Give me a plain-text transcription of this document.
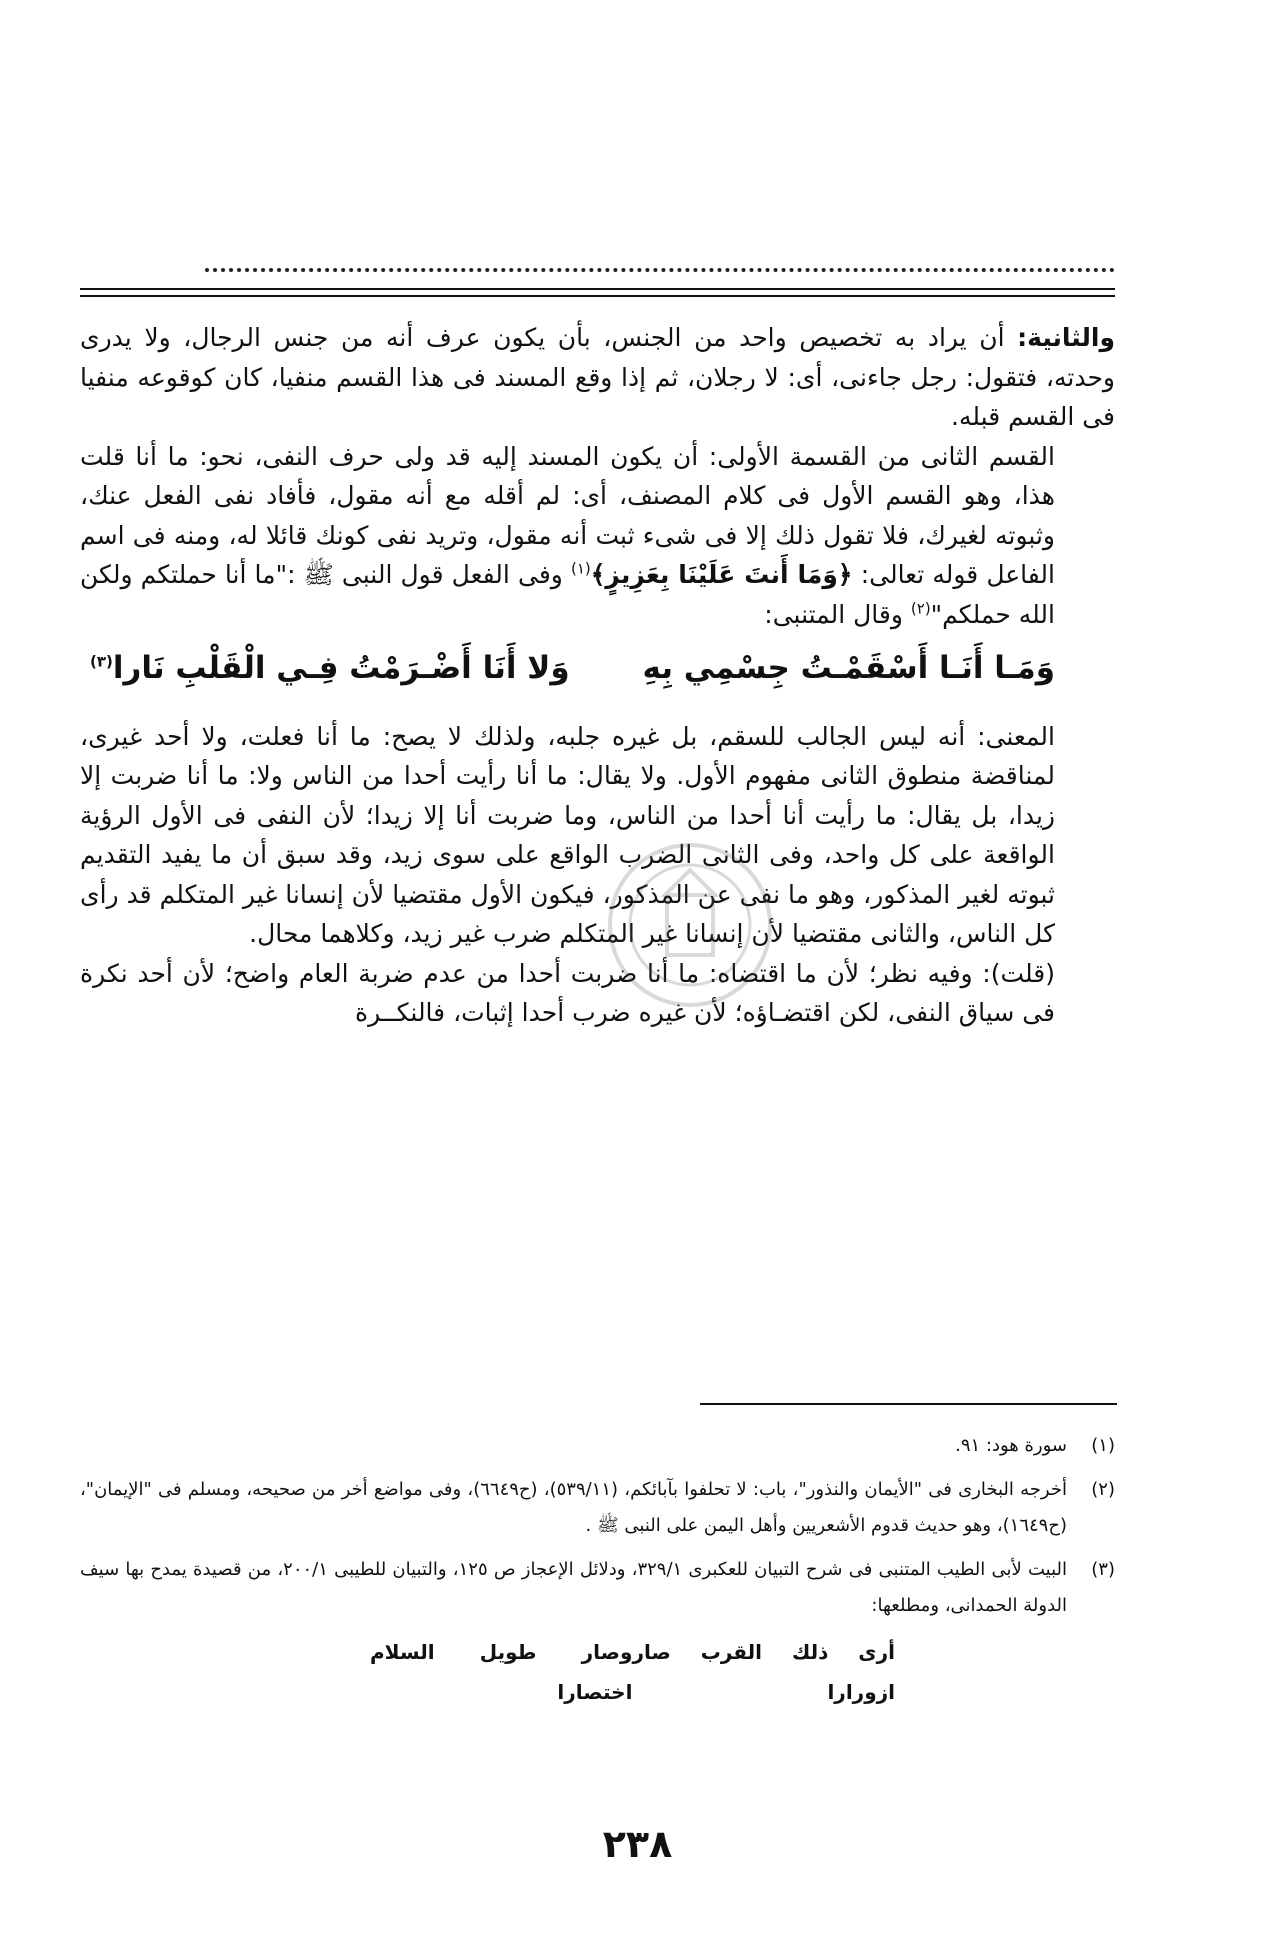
والثانية: أن يراد به تخصيص واحد من الجنس، بأن يكون عرف أنه من جنس الرجال، ولا يدرى وحدته، فتقول: رجل جاءنى، أى: لا رجلان، ثم إذا وقع المسند فى هذا القسم منفيا، كان كوقوعه منفيا فى القسم قبله.

القسم الثانى من القسمة الأولى: أن يكون المسند إليه قد ولى حرف النفى، نحو: ما أنا قلت هذا، وهو القسم الأول فى كلام المصنف، أى: لم أقله مع أنه مقول، فأفاد نفى الفعل عنك، وثبوته لغيرك، فلا تقول ذلك إلا فى شىء ثبت أنه مقول، وتريد نفى كونك قائلا له، ومنه فى اسم الفاعل قوله تعالى: ﴿وَمَا أَنتَ عَلَيْنَا بِعَزِيزٍ﴾$^{(١)}$ وفى الفعل قول النبى ﷺ :"ما أنا حملتكم ولكن الله حملكم"$^{(٢)}$ وقال المتنبى:

وَمَـا أَنَـا أَسْقَمْـتُ جِسْمِي بِهِ
وَلا أَنَا أَضْـرَمْتُ فِـي الْقَلْبِ نَارا$^{(٣)}$

المعنى: أنه ليس الجالب للسقم، بل غيره جلبه، ولذلك لا يصح: ما أنا فعلت، ولا أحد غيرى، لمناقضة منطوق الثانى مفهوم الأول. ولا يقال: ما أنا رأيت أحدا من الناس ولا: ما أنا ضربت إلا زيدا، بل يقال: ما رأيت أنا أحدا من الناس، وما ضربت أنا إلا زيدا؛ لأن النفى فى الأول الرؤية الواقعة على كل واحد، وفى الثانى الضرب الواقع على سوى زيد، وقد سبق أن ما يفيد التقديم ثبوته لغير المذكور، وهو ما نفى عن المذكور، فيكون الأول مقتضيا لأن إنسانا غير المتكلم قد رأى كل الناس، والثانى مقتضيا لأن إنسانا غير المتكلم ضرب غير زيد، وكلاهما محال.

(قلت): وفيه نظر؛ لأن ما اقتضاه: ما أنا ضربت أحدا من عدم ضربة العام واضح؛ لأن أحد نكرة فى سياق النفى، لكن اقتضـاؤه؛ لأن غيره ضرب أحدا إثبات، فالنكــرة

(١)
سورة هود: ٩١.
(٢)
أخرجه البخارى فى "الأيمان والنذور"، باب: لا تحلفوا بآبائكم، (٥٣٩/١١)، (ح٦٦٤٩)، وفى مواضع أخر من صحيحه، ومسلم فى "الإيمان"، (ح١٦٤٩)، وهو حديث قدوم الأشعريين وأهل اليمن على النبى ﷺ .
(٣)
البيت لأبى الطيب المتنبى فى شرح التبيان للعكبرى ٣٢٩/١، ودلائل الإعجاز ص ١٢٥، والتبيان للطيبى ٢٠٠/١، من قصيدة يمدح بها سيف الدولة الحمدانى، ومطلعها:
أرى ذلك القرب صار ازورارا
وصار طويل السلام اختصارا
٢٣٨
